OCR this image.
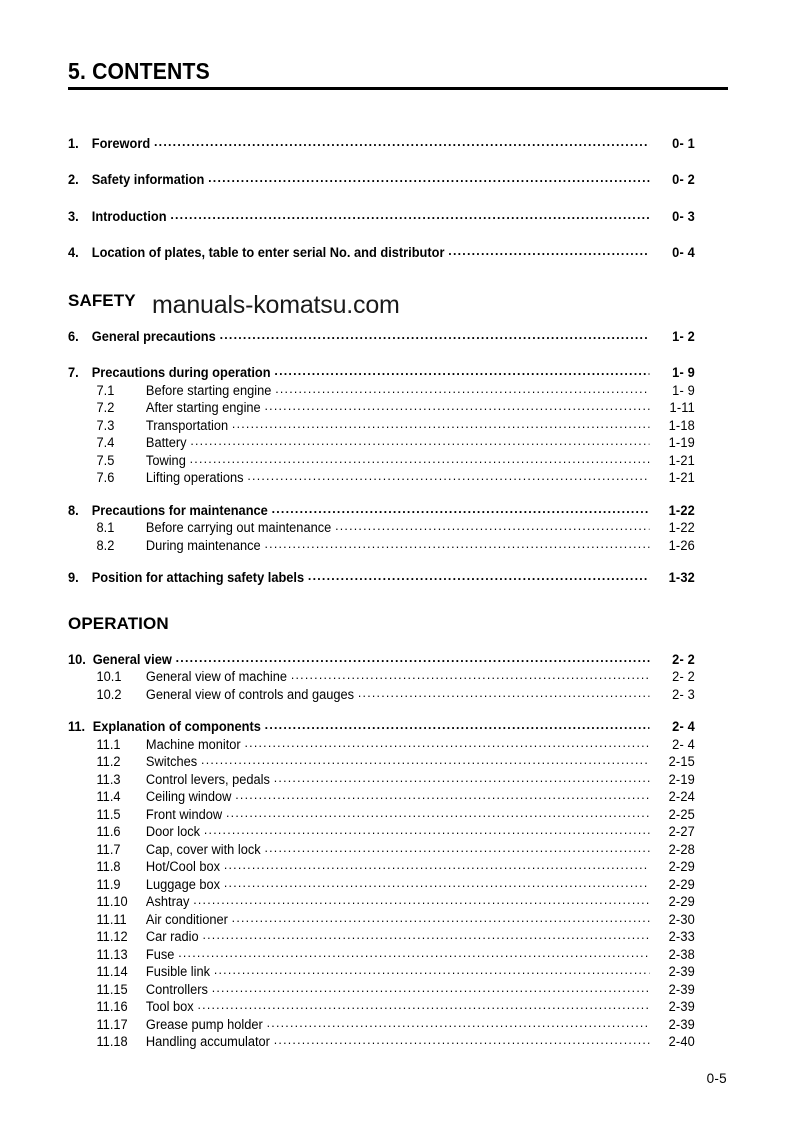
5. CONTENTS
manuals-komatsu.com
1. Foreword .....	0- 1
2. Safety information .....	0- 2
3. Introduction .....	0- 3
4. Location of plates, table to enter serial No. and distributor .....	0- 4
SAFETY
6. General precautions .....	1- 2
7. Precautions during operation .....	1- 9
7.1	Before starting engine .....	1- 9
7.2	After starting engine .....	1-11
7.3	Transportation .....	1-18
7.4	Battery .....	1-19
7.5	Towing .....	1-21
7.6	Lifting operations .....	1-21
8. Precautions for maintenance .....	1-22
8.1	Before carrying out maintenance .....	1-22
8.2	During maintenance .....	1-26
9. Position for attaching safety labels .....	1-32
OPERATION
10. General view .....	2- 2
10.1	General view of machine .....	2- 2
10.2	General view of controls and gauges .....	2- 3
11. Explanation of components .....	2- 4
11.1	Machine monitor .....	2- 4
11.2	Switches .....	2-15
11.3	Control levers, pedals .....	2-19
11.4	Ceiling window .....	2-24
11.5	Front window .....	2-25
11.6	Door lock .....	2-27
11.7	Cap, cover with lock .....	2-28
11.8	Hot/Cool box .....	2-29
11.9	Luggage box .....	2-29
11.10	Ashtray .....	2-29
11.11	Air conditioner .....	2-30
11.12	Car radio .....	2-33
11.13	Fuse .....	2-38
11.14	Fusible link .....	2-39
11.15	Controllers .....	2-39
11.16	Tool box .....	2-39
11.17	Grease pump holder .....	2-39
11.18	Handling accumulator .....	2-40
0-5
